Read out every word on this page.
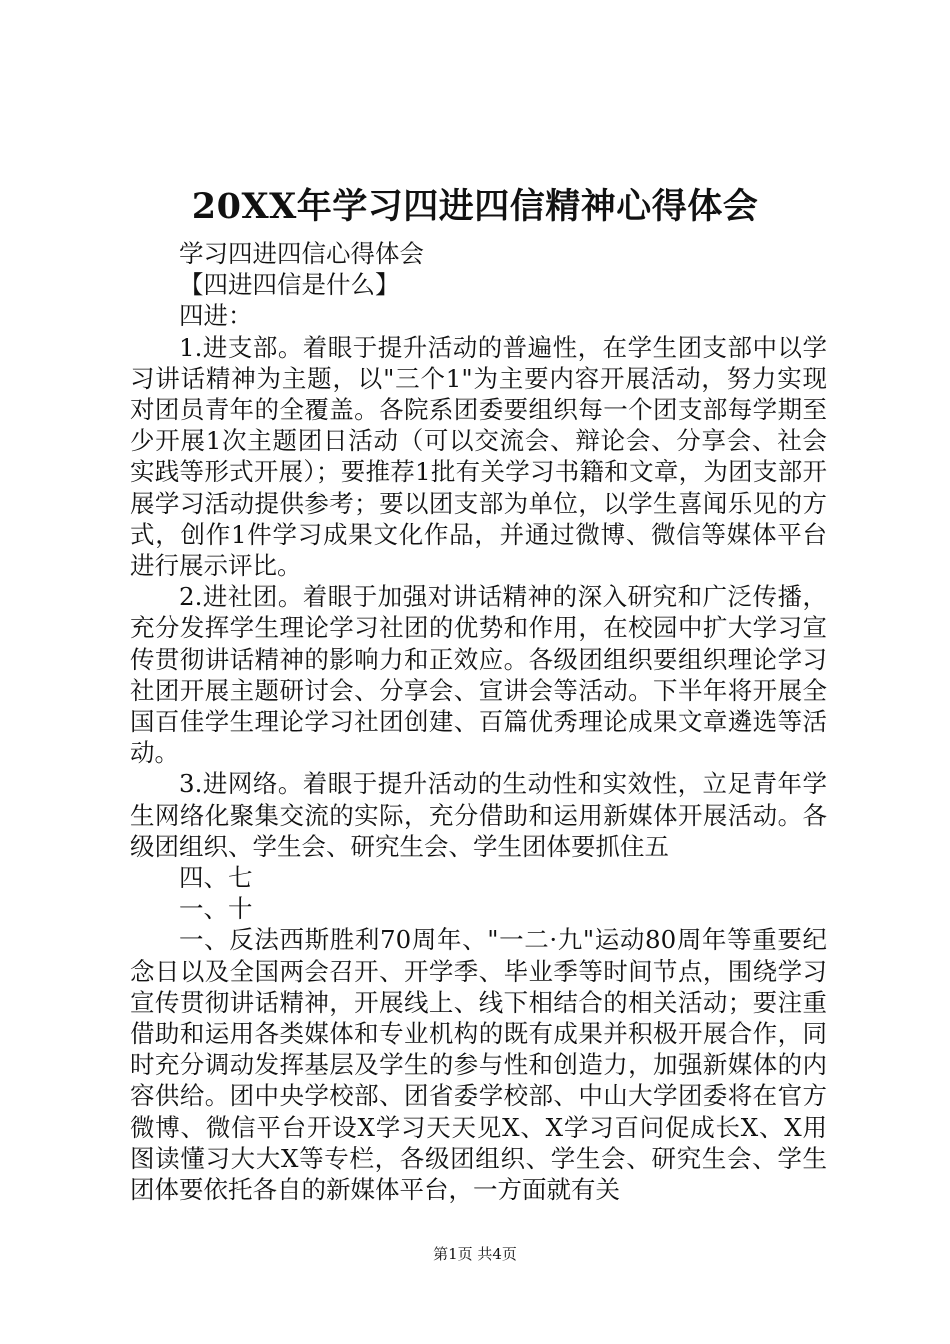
20XX年学习四进四信精神心得体会

学习四进四信心得体会

【四进四信是什么】

四进：

1.进支部。着眼于提升活动的普遍性，在学生团支部中以学习讲话精神为主题，以"三个1"为主要内容开展活动，努力实现对团员青年的全覆盖。各院系团委要组织每一个团支部每学期至少开展1次主题团日活动（可以交流会、辩论会、分享会、社会实践等形式开展）；要推荐1批有关学习书籍和文章，为团支部开展学习活动提供参考；要以团支部为单位，以学生喜闻乐见的方式，创作1件学习成果文化作品，并通过微博、微信等媒体平台进行展示评比。

2.进社团。着眼于加强对讲话精神的深入研究和广泛传播，充分发挥学生理论学习社团的优势和作用，在校园中扩大学习宣传贯彻讲话精神的影响力和正效应。各级团组织要组织理论学习社团开展主题研讨会、分享会、宣讲会等活动。下半年将开展全国百佳学生理论学习社团创建、百篇优秀理论成果文章遴选等活动。

3.进网络。着眼于提升活动的生动性和实效性，立足青年学生网络化聚集交流的实际，充分借助和运用新媒体开展活动。各级团组织、学生会、研究生会、学生团体要抓住五

四、七

一、十

一、反法西斯胜利70周年、"一二·九"运动80周年等重要纪念日以及全国两会召开、开学季、毕业季等时间节点，围绕学习宣传贯彻讲话精神，开展线上、线下相结合的相关活动；要注重借助和运用各类媒体和专业机构的既有成果并积极开展合作，同时充分调动发挥基层及学生的参与性和创造力，加强新媒体的内容供给。团中央学校部、团省委学校部、中山大学团委将在官方微博、微信平台开设X学习天天见X、X学习百问促成长X、X用图读懂习大大X等专栏，各级团组织、学生会、研究生会、学生团体要依托各自的新媒体平台，一方面就有关

第1页 共4页
